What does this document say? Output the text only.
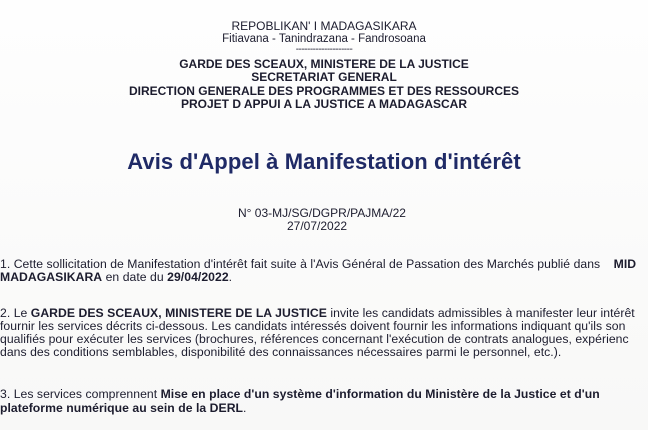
REPOBLIKAN' I MADAGASIKARA
Fitiavana - Tanindrazana - Fandrosoana
--------------------
GARDE DES SCEAUX, MINISTERE DE LA JUSTICE
SECRETARIAT GENERAL
DIRECTION GENERALE DES PROGRAMMES ET DES RESSOURCES
PROJET D APPUI A LA JUSTICE A MADAGASCAR
Avis d'Appel à Manifestation d'intérêt
N° 03-MJ/SG/DGPR/PAJMA/22
27/07/2022
1. Cette sollicitation de Manifestation d'intérêt fait suite à l'Avis Général de Passation des Marchés publié dans MID
MADAGASIKARA en date du 29/04/2022.
2. Le GARDE DES SCEAUX, MINISTERE DE LA JUSTICE invite les candidats admissibles à manifester leur intérêt
fournir les services décrits ci-dessous. Les candidats intéressés doivent fournir les informations indiquant qu'ils son
qualifiés pour exécuter les services (brochures, références concernant l'exécution de contrats analogues, expérienc
dans des conditions semblables, disponibilité des connaissances nécessaires parmi le personnel, etc.).
3. Les services comprennent Mise en place d'un système d'information du Ministère de la Justice et d'un
plateforme numérique au sein de la DERL.
